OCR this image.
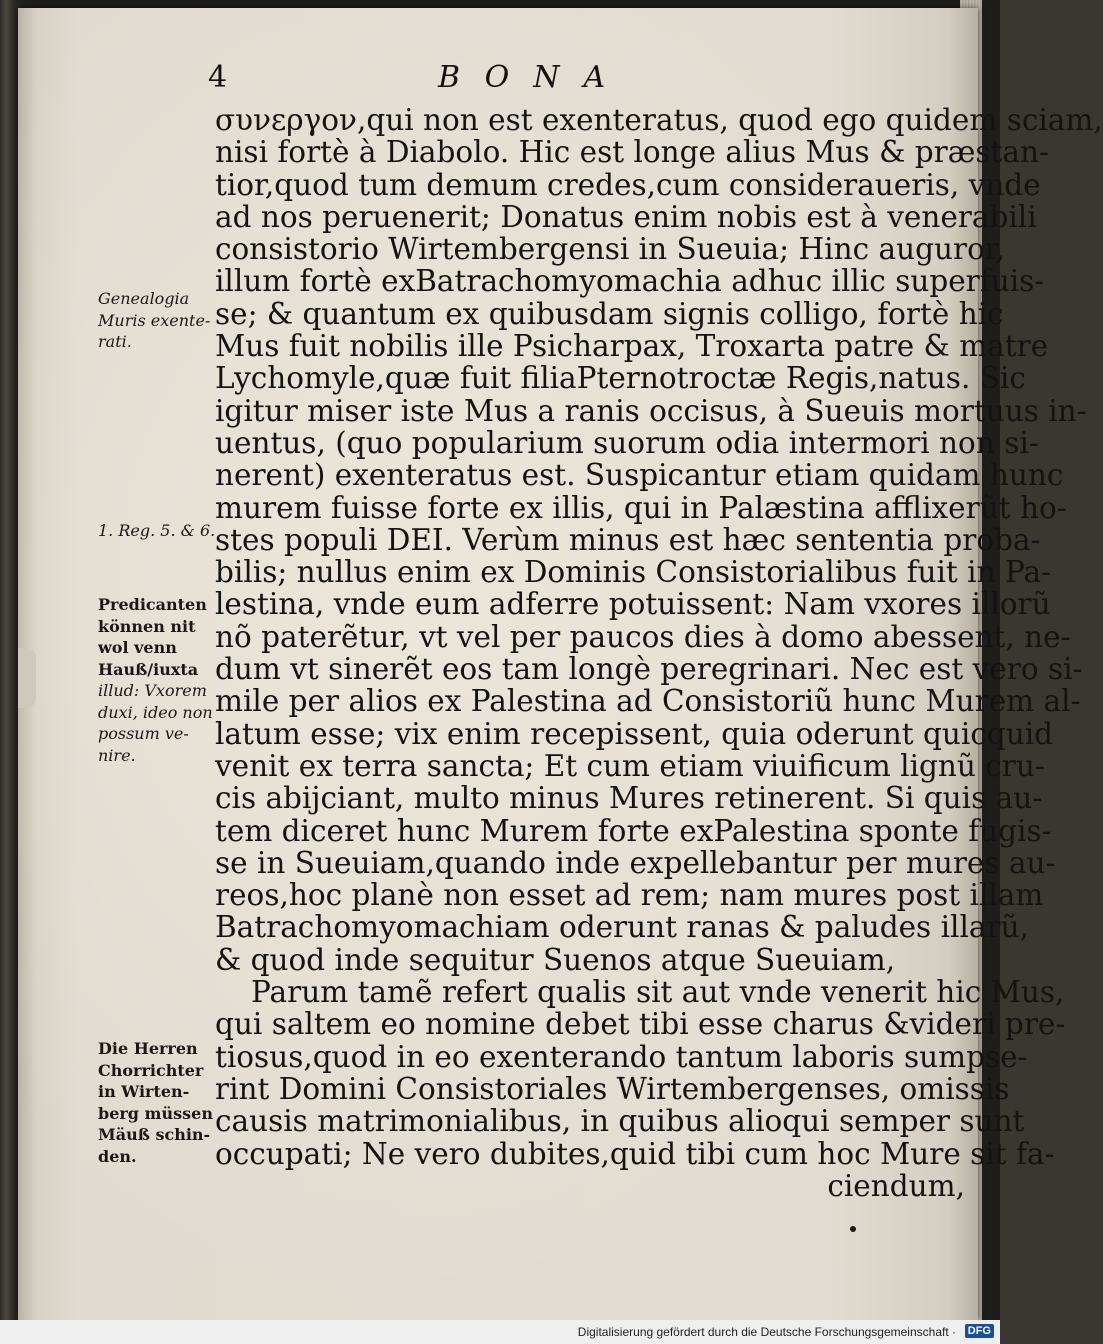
4	BONA
συνεργον,qui non est exenteratus, quod ego quidem sciam,
nisi fortè à Diabolo. Hic est longe alius Mus & præstan-
tior,quod tum demum credes,cum consideraueris, vnde
ad nos peruenerit; Donatus enim nobis est à venerabili
consistorio Wirtembergensi in Sueuia; Hinc auguror,
illum fortè exBatrachomyomachia adhuc illic superfuis-
se; & quantum ex quibusdam signis colligo, fortè hic
Mus fuit nobilis ille Psicharpax, Troxarta patre & matre
Lychomyle,quæ fuit filiaPternotroctæ Regis,natus. Sic
igitur miser iste Mus a ranis occisus, à Sueuis mortuus in-
uentus, (quo popularium suorum odia intermori non si-
nerent) exenteratus est. Suspicantur etiam quidam hunc
murem fuisse forte ex illis, qui in Palæstina afflixerũt ho-
stes populi DEI. Verùm minus est hæc sententia proba-
bilis; nullus enim ex Dominis Consistorialibus fuit in Pa-
lestina, vnde eum adferre potuissent: Nam vxores illorũ
nõ paterẽtur, vt vel per paucos dies à domo abessent, ne-
dum vt sinerẽt eos tam longè peregrinari. Nec est vero si-
mile per alios ex Palestina ad Consistoriũ hunc Murem al-
latum esse; vix enim recepissent, quia oderunt quicquid
venit ex terra sancta; Et cum etiam viuificum lignũ cru-
cis abijciant, multo minus Mures retinerent. Si quis au-
tem diceret hunc Murem forte exPalestina sponte fugis-
se in Sueuiam,quando inde expellebantur per mures au-
reos,hoc planè non esset ad rem; nam mures post illam
Batrachomyomachiam oderunt ranas & paludes illarũ,
& quod inde sequitur Suenos atque Sueuiam,
Parum tamẽ refert qualis sit aut vnde venerit hic Mus,
qui saltem eo nomine debet tibi esse charus &videri pre-
tiosus,quod in eo exenterando tantum laboris sumpse-
rint Domini Consistoriales Wirtembergenses, omissis
causis matrimonialibus, in quibus alioqui semper sunt
occupati; Ne vero dubites,quid tibi cum hoc Mure sit fa-
ciendum,
Genealogia
Muris exente-
rati.
1. Reg. 5. & 6.
Predicanten
können nit
wol venn
Hauß/iuxta
illud: Vxorem
duxi, ideo non
possum ve-
nire.
Die Herren
Chorrichter
in Wirten-
berg müssen
Mäuß schin-
den.
Digitalisierung gefördert durch die Deutsche Forschungsgemeinschaft · DFG
